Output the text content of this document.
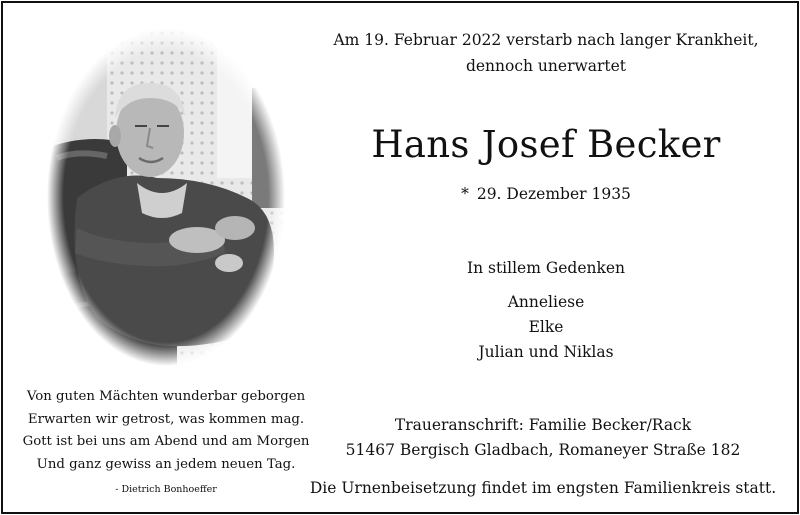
Am 19. Februar 2022 verstarb nach langer Krankheit,
dennoch unerwartet
Hans Josef Becker
* 29. Dezember 1935
In stillem Gedenken
Anneliese
Elke
Julian und Niklas
Traueranschrift: Familie Becker/Rack
51467 Bergisch Gladbach, Romaneyer Straße 182
Die Urnenbeisetzung findet im engsten Familienkreis statt.
Von guten Mächten wunderbar geborgen
Erwarten wir getrost, was kommen mag.
Gott ist bei uns am Abend und am Morgen
Und ganz gewiss an jedem neuen Tag.
- Dietrich Bonhoeffer
